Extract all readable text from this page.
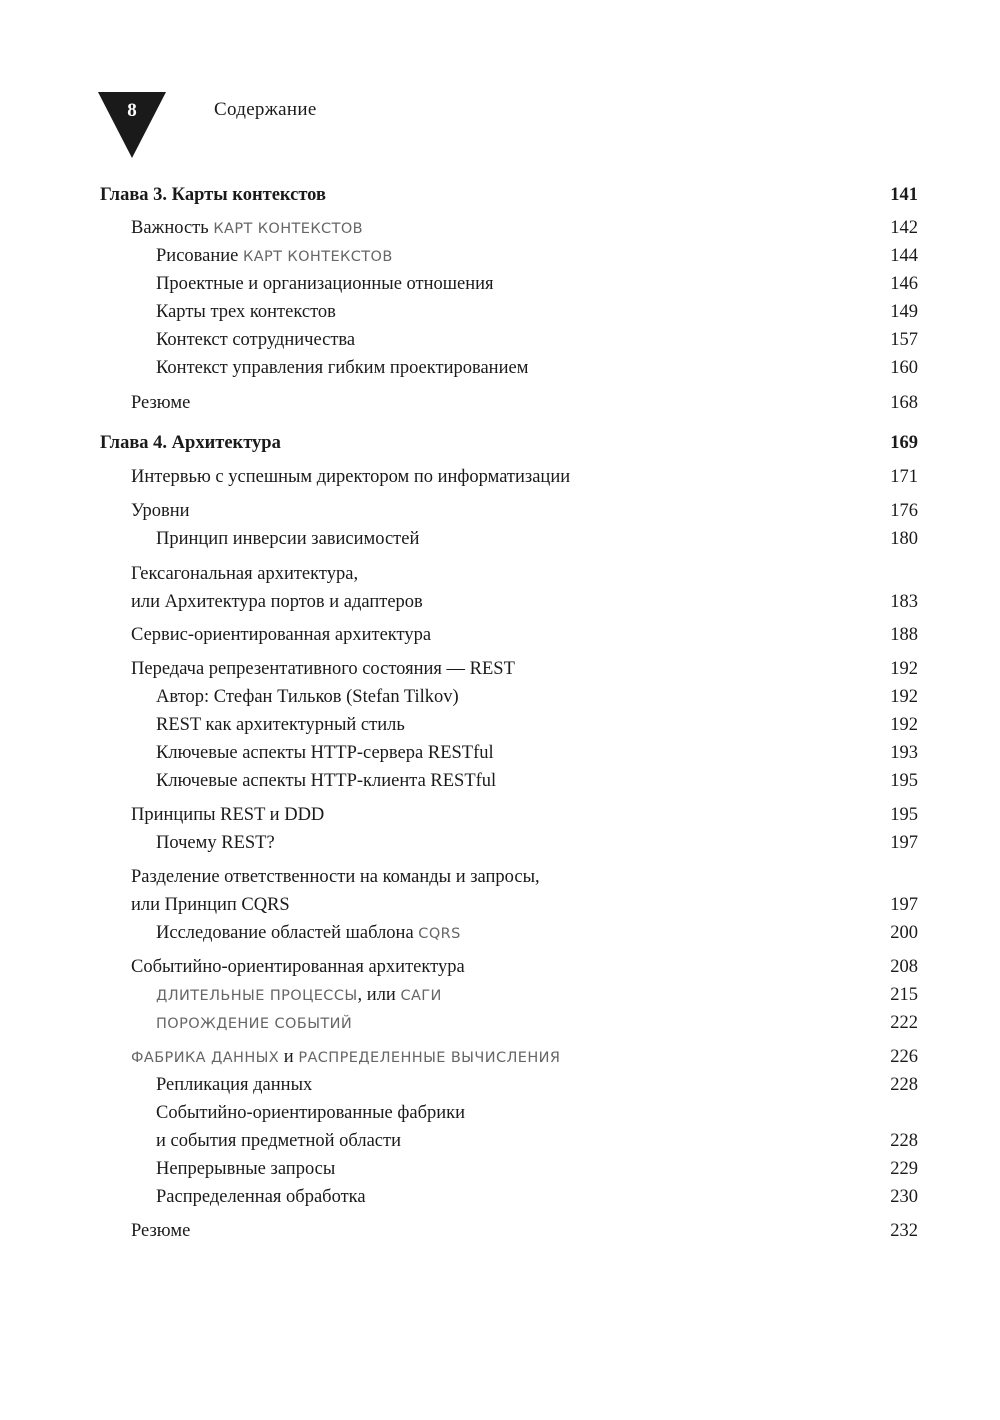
8	Содержание
Глава 3. Карты контекстов	141
Важность КАРТ КОНТЕКСТОВ	142
Рисование КАРТ КОНТЕКСТОВ	144
Проектные и организационные отношения	146
Карты трех контекстов	149
Контекст сотрудничества	157
Контекст управления гибким проектированием	160
Резюме	168
Глава 4. Архитектура	169
Интервью с успешным директором по информатизации	171
Уровни	176
Принцип инверсии зависимостей	180
Гексагональная архитектура,
или Архитектура портов и адаптеров	183
Сервис-ориентированная архитектура	188
Передача репрезентативного состояния — REST	192
Автор: Стефан Тильков (Stefan Tilkov)	192
REST как архитектурный стиль	192
Ключевые аспекты HTTP-сервера RESTful	193
Ключевые аспекты HTTP-клиента RESTful	195
Принципы REST и DDD	195
Почему REST?	197
Разделение ответственности на команды и запросы,
или Принцип CQRS	197
Исследование областей шаблона CQRS	200
Событийно-ориентированная архитектура	208
ДЛИТЕЛЬНЫЕ ПРОЦЕССЫ, или САГИ	215
ПОРОЖДЕНИЕ СОБЫТИЙ	222
ФАБРИКА ДАННЫХ и РАСПРЕДЕЛЕННЫЕ ВЫЧИСЛЕНИЯ	226
Репликация данных	228
Событийно-ориентированные фабрики
и события предметной области	228
Непрерывные запросы	229
Распределенная обработка	230
Резюме	232
